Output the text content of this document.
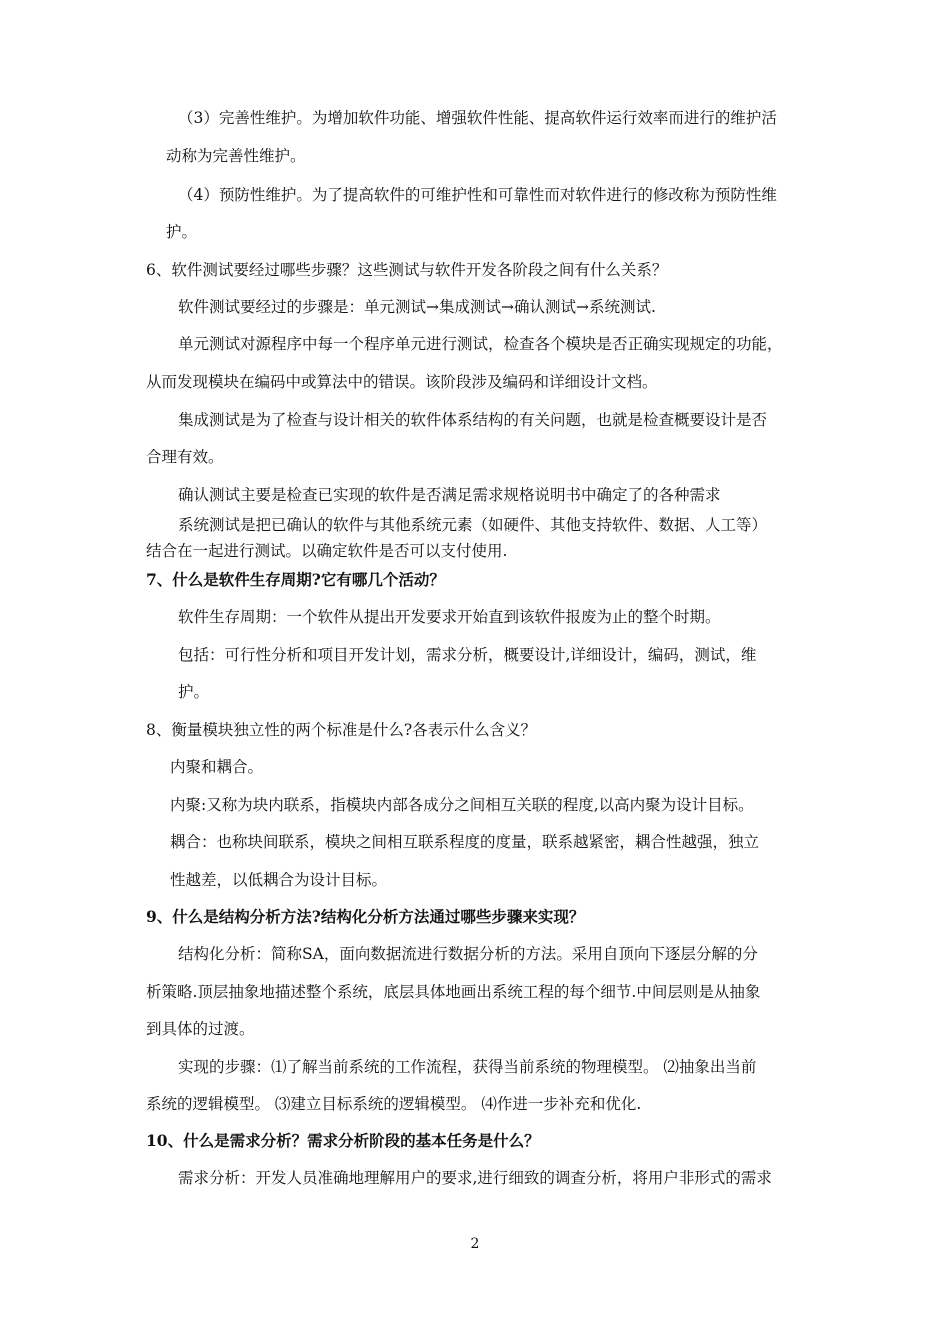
（3）完善性维护。为增加软件功能、增强软件性能、提高软件运行效率而进行的维护活
动称为完善性维护。
（4）预防性维护。为了提高软件的可维护性和可靠性而对软件进行的修改称为预防性维
护。
6、软件测试要经过哪些步骤？这些测试与软件开发各阶段之间有什么关系？
软件测试要经过的步骤是：单元测试→集成测试→确认测试→系统测试.
单元测试对源程序中每一个程序单元进行测试，检查各个模块是否正确实现规定的功能，
从而发现模块在编码中或算法中的错误。该阶段涉及编码和详细设计文档。
集成测试是为了检查与设计相关的软件体系结构的有关问题，也就是检查概要设计是否
合理有效。
确认测试主要是检查已实现的软件是否满足需求规格说明书中确定了的各种需求
系统测试是把已确认的软件与其他系统元素（如硬件、其他支持软件、数据、人工等）
结合在一起进行测试。以确定软件是否可以支付使用.
7、什么是软件生存周期?它有哪几个活动？
软件生存周期：一个软件从提出开发要求开始直到该软件报废为止的整个时期。
包括：可行性分析和项目开发计划，需求分析，概要设计,详细设计，编码，测试，维
护。
8、衡量模块独立性的两个标准是什么?各表示什么含义？
内聚和耦合。
内聚:又称为块内联系，指模块内部各成分之间相互关联的程度,以高内聚为设计目标。
耦合：也称块间联系，模块之间相互联系程度的度量，联系越紧密，耦合性越强，独立
性越差，以低耦合为设计目标。
9、什么是结构分析方法?结构化分析方法通过哪些步骤来实现？
结构化分析：简称SA，面向数据流进行数据分析的方法。采用自顶向下逐层分解的分
析策略.顶层抽象地描述整个系统，底层具体地画出系统工程的每个细节.中间层则是从抽象
到具体的过渡。
实现的步骤：⑴了解当前系统的工作流程，获得当前系统的物理模型。 ⑵抽象出当前
系统的逻辑模型。 ⑶建立目标系统的逻辑模型。 ⑷作进一步补充和优化.
10、什么是需求分析？需求分析阶段的基本任务是什么？
需求分析：开发人员准确地理解用户的要求,进行细致的调查分析，将用户非形式的需求
2
